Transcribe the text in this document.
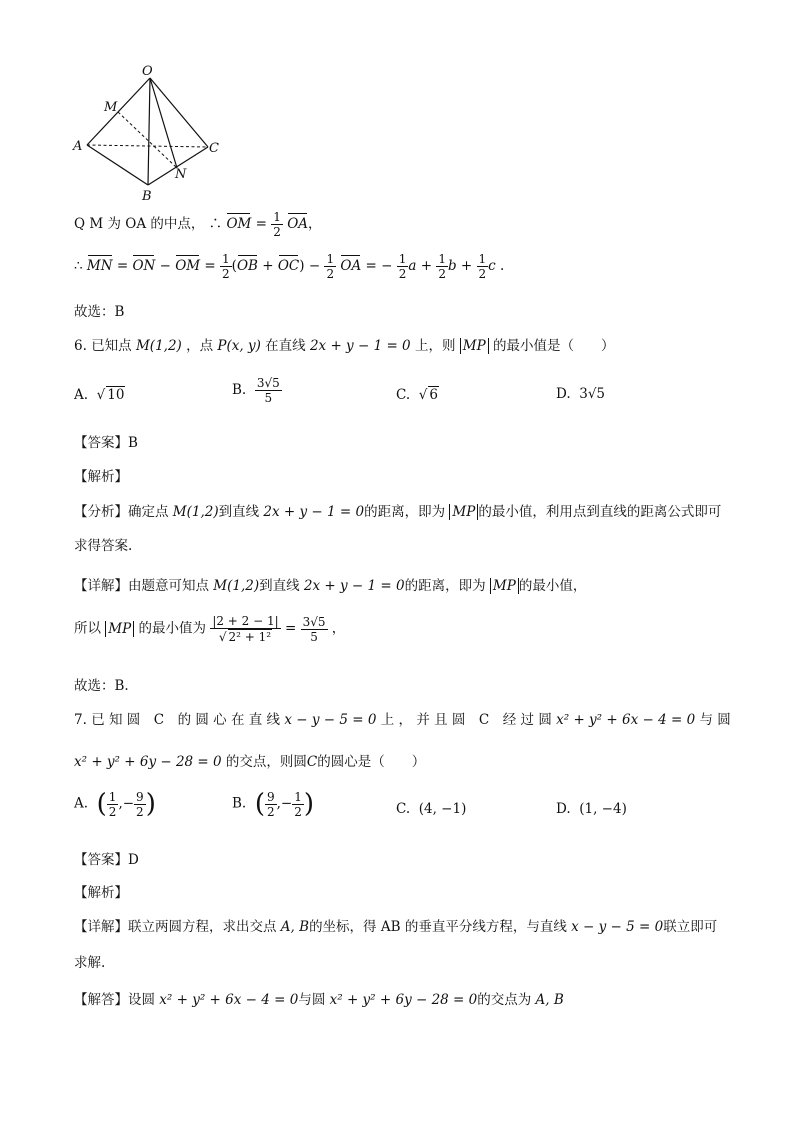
O
M
A	C
N
B
Q M 为 OA 的中点， ∴ OM = $\frac{1}{2}$ OA，
∴ MN = ON − OM = $\frac{1}{2} (OB + OC) - \frac{1}{2}$ OA = − $\frac{1}{2}$ $a + \frac{1}{2}$ $b + \frac{1}{2}$ c .
故选：B
6. 已知点 M(1,2) ，点 P(x, y) 在直线 2x + y − 1 = 0 上，则 MP 的最小值是（　　）
A.  √ 10	B. $\frac{3√5}{5}$	C.  √ 6	D. 3√5
【答案】B
【解析】
【分析】确定点 M(1,2)到直线 2x + y − 1 = 0的距离，即为 MP 的最小值，利用点到直线的距离公式即可
求得答案.
【详解】由题意可知点 M(1,2)到直线 2x + y − 1 = 0的距离，即为 MP 的最小值，
所以 MP 的最小值为 $\frac{|2 + 2 - 1|}{\text{√ 2² + 1²}} = \frac{3√5}{5}$ ，
故选：B.
7. 已 知 圆　C　的 圆 心 在 直 线 x − y − 5 = 0 上 ， 并 且 圆　C　经 过 圆 x² + y² + 6x − 4 = 0 与 圆
x² + y² + 6y − 28 = 0 的交点，则圆C的圆心是（　　）
A. ( $\frac{1}{2}$ ,− $\frac{9}{2}$ )	B. ( $\frac{9}{2}$ ,− $\frac{1}{2}$ )	C. (4, −1)	D. (1, −4)
【答案】D
【解析】
【详解】联立两圆方程，求出交点 A, B的坐标，得 AB 的垂直平分线方程，与直线 x − y − 5 = 0联立即可
求解.
【解答】设圆 x² + y² + 6x − 4 = 0与圆 x² + y² + 6y − 28 = 0的交点为 A, B
